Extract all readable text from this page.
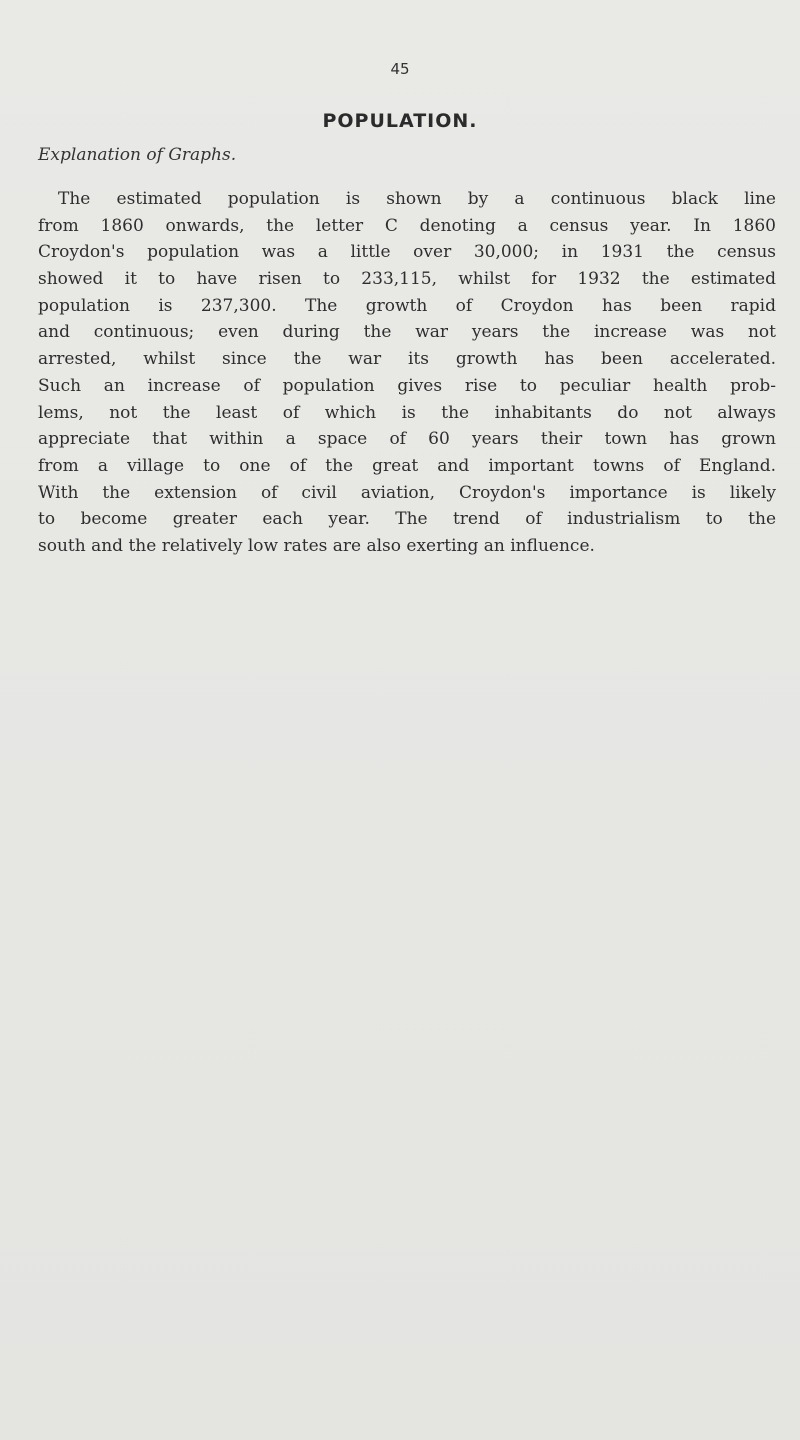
45
POPULATION.
Explanation of Graphs.
The estimated population is shown by a continuous black line
from 1860 onwards, the letter C denoting a census year. In 1860
Croydon's population was a little over 30,000; in 1931 the census
showed it to have risen to 233,115, whilst for 1932 the estimated
population is 237,300. The growth of Croydon has been rapid
and continuous; even during the war years the increase was not
arrested, whilst since the war its growth has been accelerated.
Such an increase of population gives rise to peculiar health prob-
lems, not the least of which is the inhabitants do not always
appreciate that within a space of 60 years their town has grown
from a village to one of the great and important towns of England.
With the extension of civil aviation, Croydon's importance is likely
to become greater each year. The trend of industrialism to the
south and the relatively low rates are also exerting an influence.
